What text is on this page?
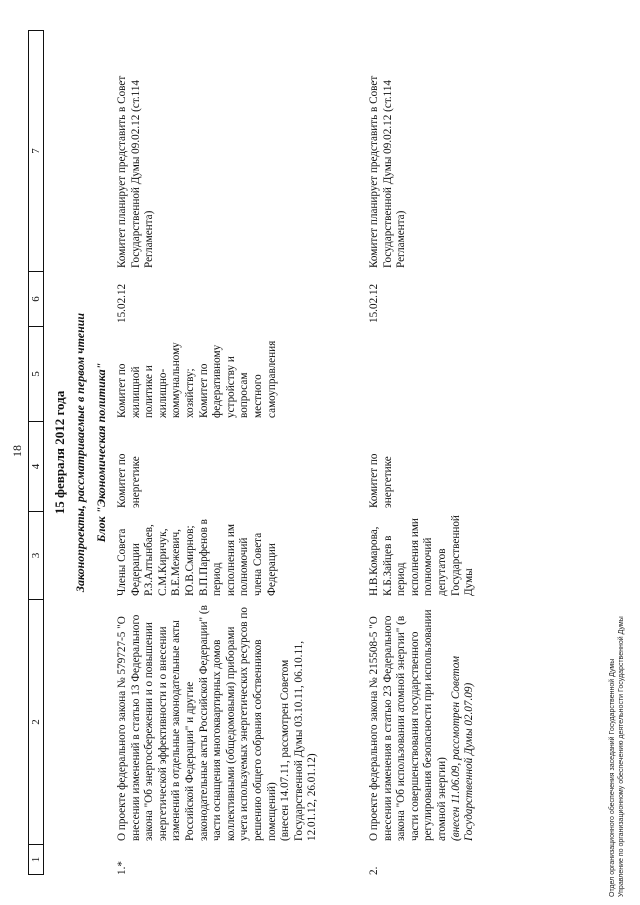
18
1
2
3
4
5
6
7
15 февраля 2012 года Законопроекты, рассматриваемые в первом чтении Блок "Экономическая политика"
1.*
О проекте федерального закона № 579727-5 "О внесении изменений в статью 13 Федерального закона "Об энергосбережении и о повышении энергетической эффективности и о внесении изменений в отдельные законодательные акты Российской Федерации" и другие законодательные акты Российской Федерации" (в части оснащения многоквартирных домов коллективными (общедомовыми) приборами учета используемых энергетических ресурсов по решению общего собрания собственников помещений) (внесен 14.07.11, рассмотрен Советом Государственной Думы 03.10.11, 06.10.11, 12.01.12, 26.01.12)
Члены Совета Федерации Р.З.Алтынбаев, С.М.Киричук, В.Е.Межевич, Ю.В.Смирнов; В.П.Парфенов в период исполнения им полномочий члена Совета Федерации
Комитет по энергетике
Комитет по жилищной политике и жилищно-коммунальному хозяйству; Комитет по федеративному устройству и вопросам местного самоуправления
15.02.12
Комитет планирует представить в Совет Государственной Думы 09.02.12 (ст.114 Регламента)
2.
О проекте федерального закона № 215508-5 "О внесении изменения в статью 23 Федерального закона "Об использовании атомной энергии" (в части совершенствования государственного регулирования безопасности при использовании атомной энергии) (внесен 11.06.09, рассмотрен Советом Государственной Думы 02.07.09)
Н.В.Комарова, К.Б.Зайцев в период исполнения ими полномочий депутатов Государственной Думы
Комитет по энергетике
15.02.12
Комитет планирует представить в Совет Государственной Думы 09.02.12 (ст.114 Регламента)
Отдел организационного обеспечения заседаний Государственной Думы Управление по организационному обеспечению деятельности Государственной Думы
